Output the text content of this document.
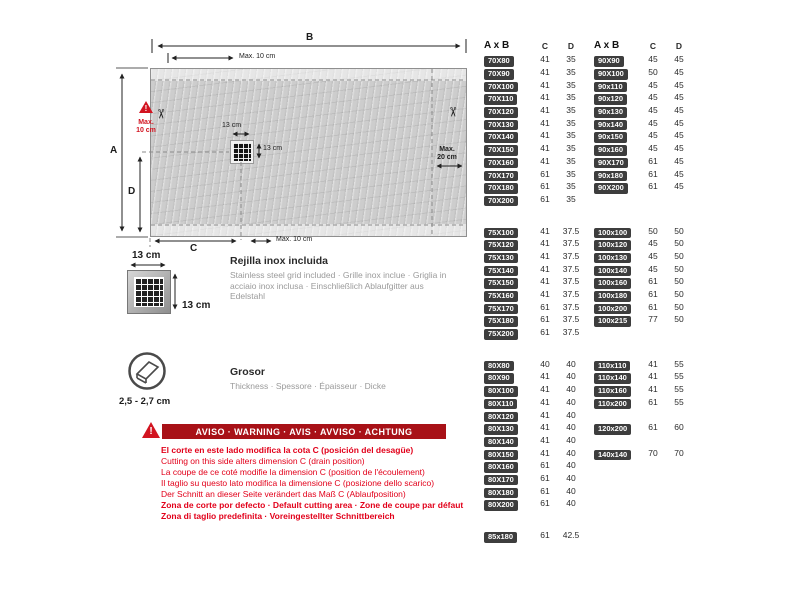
B
Max. 10 cm
A
D
C
Max. 10 cm
Max.
10 cm
Max.
20 cm
13 cm
13 cm
!
✂	✂
13 cm
13 cm
Rejilla inox incluida
Stainless steel grid included · Grille inox inclue · Griglia in acciaio inox inclusa · Einschließlich Ablaufgitter aus Edelstahl
2,5 - 2,7 cm
Grosor
Thickness · Spessore · Épaisseur · Dicke
!	AVISO · WARNING · AVIS · AVVISO · ACHTUNG

El corte en este lado modifica la cota C (posición del desagüe)

Cutting on this side alters dimension C (drain position)

La coupe de ce coté modifie la dimension C (position de l'écoulement)

Il taglio su questo lato modifica la dimensione C (posizione dello scarico)

Der Schnitt an dieser Seite verändert das Maß C (Ablaufposition)

Zona de corte por defecto · Default cutting area · Zone de coupe par défaut

Zona di taglio predefinita · Voreingestellter Schnittbereich

A x B	C	D	A x B	C	D
70X80	41	35	90X90	45	45
70X90	41	35	90X100	50	45
70X100	41	35	90x110	45	45
70X110	41	35	90x120	45	45
70X120	41	35	90x130	45	45
70X130	41	35	90x140	45	45
70X140	41	35	90x150	45	45
70X150	41	35	90x160	45	45
70X160	41	35	90X170	61	45
70X170	61	35	90x180	61	45
70X180	61	35	90X200	61	45
70X200	61	35
75X100	41	37.5	100x100	50	50
75X120	41	37.5	100x120	45	50
75X130	41	37.5	100x130	45	50
75X140	41	37.5	100x140	45	50
75X150	41	37.5	100x160	61	50
75X160	41	37.5	100x180	61	50
75X170	61	37.5	100x200	61	50
75X180	61	37.5	100x215	77	50
75X200	61	37.5
80X80	40	40	110x110	41	55
80X90	41	40	110x140	41	55
80X100	41	40	110x160	41	55
80X110	41	40	110x200	61	55
80X120	41	40
80X130	41	40	120x200	61	60
80X140	41	40
80X150	41	40	140x140	70	70
80X160	61	40
80X170	61	40
80X180	61	40
80X200	61	40
85x180	61	42.5
